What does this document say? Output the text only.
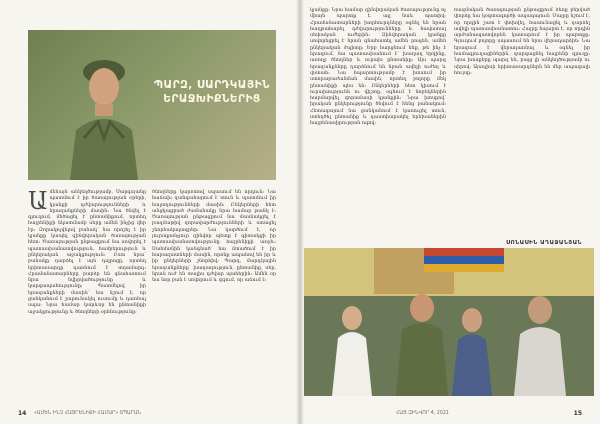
ՊԱՐԶ, ՍԱՐԴԿԱՅԻՆ ԵՐԱՋԽԻՔՆԵՐԻՑ
Ամենայն անկեղծությամբ, Սարգսյանը պատմում է իր ծառայության օրերի, կյանքի դժվարությունների և երազանքների մասին։ Նա ծնվել է գյուղում, մեծացել է ընտանիքում, որտեղ հայրենիքի նկատմամբ սերը ամեն ինչից վեր էր։ Զորակոչվելով բանակ՝ նա որոշել է իր կյանքը կապել զինվորական ծառայության հետ։ Ծառայության ընթացքում նա սովորել է պատասխանատվություն, համբերություն և ընկերական աջակցություն։ Ըստ նրա՝ բանակը դարձել է այն դպրոցը, որտեղ երիտասարդը դառնում է տղամարդ։ Հրամանատարները բարձր են գնահատում նրա նվիրվածությունը և կարգապահությունը։ Պատմելով իր երազանքների մասին՝ նա նշում է, որ ցանկանում է շարունակել ուսումը և դառնալ սպա։ Նրա համար կարևոր են ընտանիքի աջակցությունը և ծնողների օրհնությունը։
ծնողները կարոտով սպասում են որդուն։ Նա հաճախ զանգահարում է տուն և պատմում իր հաջողությունների մասին։ Ընկերների հետ անցկացրած ժամանակը նրա համար թանկ է։ Ծառայության ընթացքում նա մասնակցել է բազմաթիվ զորավարժությունների և ստացել շնորհակալագրեր։ Նա կարծում է, որ յուրաքանչյուր զինվոր պետք է գիտակցի իր պատասխանատվությունը հայրենիքի առջև։ Սահմանին կանգնած՝ նա մտածում է իր հարազատների մասին, որոնք ապահով են իր և իր ընկերների շնորհիվ։ Պարզ, մարդկային երազանքները՝ խաղաղություն, ընտանիք, սեր, նրան ուժ են տալիս դժվար պահերին։ Ամեն օր նա նոր բան է սովորում և զգում, որ աճում է։
«ԱՄԵՆ ԻՆՉ ՀԱՅՐԵՆԻՔԻ ՀԱՄԱՐ» ՏՊԱՐԱՆ
14
կյանքը։ Նրա համար զինվորական ծառայությունը ոչ միայն պարտք է, այլ նաև պատիվ։ Հրամանատարների խորհուրդները օգնել են նրան հաղթահարել դժվարությունները և հավատալ սեփական ուժերին։ Զինվորական կյանքը սովորեցրել է նրան գնահատել ամեն րոպեն, ամեն ընկերական ժպիտը։ Երբ հարցնում ենք, թե ինչ է երազում, նա պատասխանում է՝ խաղաղ երկինք, առողջ ծնողներ և ուրախ ընտանիք։ Այս պարզ երազանքները դարձնում են նրան ավելի ուժեղ և վստահ։ Նա հպարտությամբ է խոսում իր ստորաբաժանման մասին, որտեղ բոլորը մեկ ընտանիքի պես են։ Ընկերների հետ կիսում է ուրախությունն ու վիշտը, օգնում է նորեկներին հարմարվել զորամասի կյանքին։ Նրա խոսքով՝ իրական ընկերությունը ծնվում է հենց բանակում։ Հետագայում նա ցանկանում է կառուցել տուն, ստեղծել ընտանիք և դաստիարակել երեխաներին հայրենասիրության ոգով։
ռազմական ծառայության ընթացքում ձեռք բերված փորձը նա կօգտագործի ապագայում։ Մայրը նշում է, որ որդին շատ է փոխվել, հասունացել և դարձել ավելի պատասխանատու։ Հայրը հպարտ է, որ որդին արժանապատվորեն կատարում է իր պարտքը։ Գյուղում բոլորը սպասում են նրա վերադարձին։ Նա երազում է վերադառնալ և օգնել իր համագյուղացիներին, զարգացնել հայրենի գյուղը։ Նրա խոսքերը պարզ են, բայց լի անկեղծությամբ ու սիրով։ Այսպիսի երիտասարդներն են մեր ապագայի հույսը։
ՍՈՆԱՍԻՆ ԱՂԱՋԱՆՅԱՆ
ՀԱՅ ԶԻՆՎՈՐ 4, 2021	15
